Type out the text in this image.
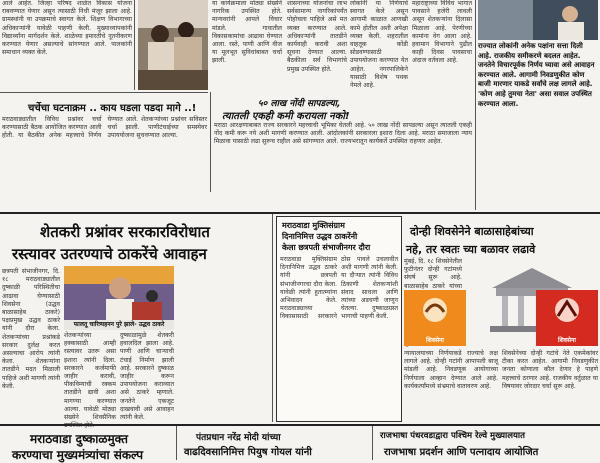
आले आहेत. जिल्हा परिषद शाळेत विकास योजना राबवण्यात येणार असून त्यासाठी निधी मंजूर झाला आहे. ग्रामस्थांनी या उपक्रमाचे स्वागत केले. शिक्षण विभागाच्या अधिकाऱ्यांनी यावेळी पाहणी केली. मुख्याध्यापकांनी विद्यार्थ्यांना मार्गदर्शन केले. शाळेच्या इमारतीचे नूतनीकरण करण्यात येणार असल्याचे सांगण्यात आले. पालकांनी समाधान व्यक्त केले.
या कार्यक्रमाला मोठ्या संख्येने नागरिक उपस्थित होते. मान्यवरांनी आपले विचार मांडले. गावातील विकासकामांचा आढावा घेण्यात आला. रस्ते, पाणी आणि वीज या मूलभूत सुविधांबाबत चर्चा झाली.
शासनाच्या योजनांचा लाभ सर्वसामान्य नागरिकांपर्यंत पोहोचला पाहिजे असे मत व्यक्त करण्यात आले. अधिकाऱ्यांनी तातडीने कार्यवाही करावी अशा सूचना देण्यात आल्या. बैठकीला सर्व विभागांचे प्रमुख उपस्थित होते.
लोकांनी या निर्णयाचे स्वागत केले असून आगामी काळात आणखी कामे होतील अशी अपेक्षा व्यक्त केली. शहरातील वाहतूक कोंडी सोडवण्यासाठी उपाययोजना करण्यात येत आहेत. नगरपालिकेने यासाठी विशेष पथक नेमले आहे.
महाराष्ट्राच्या विविध भागात पावसाने हजेरी लावली असून शेतकऱ्यांना दिलासा मिळाला आहे. पेरणीच्या कामांना वेग आला आहे. हवामान विभागाने पुढील काही दिवस पावसाचा अंदाज वर्तवला आहे.
राज्यात लोकांनी अनेक पक्षांना सत्ता दिली आहे. राजकीय समीकरणे बदलत आहेत. जनतेने विचारपूर्वक निर्णय घ्यावा असे आवाहन करण्यात आले. आगामी निवडणुकीत कोण बाजी मारणार याकडे सर्वांचे लक्ष लागले आहे. 'कोण आहे तुमचा नेता' असा सवाल उपस्थित करण्यात आला.
चर्चेचा घटनाक्रम .. काय घडला पडदा मागे ..!
मराठवाड्यातील विविध प्रश्नांवर चर्चा करण्यासाठी बैठक आयोजित करण्यात आली होती. या बैठकीत अनेक महत्त्वाचे निर्णय घेण्यात आले. शेतकऱ्यांच्या प्रश्नांवर सविस्तर चर्चा झाली. पाणीटंचाईच्या समस्येवर उपाययोजना सुचवण्यात आल्या.
५० लाख नोंदी सापडल्या,
त्यातली एकही कमी करायला नको!
मराठा आरक्षणाबाबत राज्य सरकारने महत्त्वाची भूमिका घेतली आहे. ५० लाख नोंदी सापडल्या असून त्यातली एकही नोंद कमी करू नये अशी मागणी करण्यात आली. आंदोलकांनी सरकारला इशारा दिला आहे. मराठा समाजाला न्याय मिळावा यासाठी लढा सुरूच राहील असे सांगण्यात आले. राज्यभरातून कार्यकर्ते उपस्थित राहणार आहेत.
शेतकरी प्रश्नांवर सरकारविरोधात
रस्त्यावर उतरण्याचे ठाकरेंचे आवाहन
छत्रपती संभाजीनगर, दि. १८ मराठवाड्यातील दुष्काळी परिस्थितीचा आढावा घेण्यासाठी शिवसेना (उद्धव बाळासाहेब ठाकरे) पक्षप्रमुख उद्धव ठाकरे यांनी दौरा केला. शेतकऱ्यांच्या प्रश्नांकडे सरकार दुर्लक्ष करत असल्याचा आरोप त्यांनी केला. शेतकऱ्यांना तातडीने मदत मिळाली पाहिजे अशी मागणी त्यांनी केली.
फालतू चारित्र्यहनन पुरे झाले- उद्धव ठाकरे
शेतकऱ्यांच्या हक्कासाठी आम्ही रस्त्यावर उतरू असा इशारा त्यांनी दिला. सरकारने कर्जमाफी जाहीर करावी, पीकविम्याची रक्कम तातडीने द्यावी अशा मागण्या करण्यात आल्या. यावेळी मोठ्या संख्येने शिवसैनिक
दुष्काळामुळे शेतकरी हवालदिल झाला आहे. पाणी आणि चाऱ्याची टंचाई निर्माण झाली आहे. सरकारने दुष्काळ जाहीर करून उपाययोजना कराव्यात असे ठाकरे म्हणाले. जनतेने एकजूट दाखवावी असे आवाहन त्यांनी केले.
मराठवाडा मुक्तिसंग्राम
दिनानिमित्त उद्धव ठाकरेंनी
केला छत्रपती संभाजीनगर दौरा
मराठवाडा मुक्तिसंग्राम दिनानिमित्त उद्धव ठाकरे यांनी छत्रपती संभाजीनगरचा दौरा केला. यावेळी त्यांनी हुतात्म्यांना अभिवादन केले. मराठवाड्याच्या विकासासाठी सरकारने ठोस पावले उचलावीत अशी मागणी त्यांनी केली. या दौऱ्यात त्यांनी विविध ठिकाणी शेतकऱ्यांशी संवाद साधला आणि त्यांच्या अडचणी जाणून घेतल्या. दुष्काळग्रस्त भागाची पाहणी केली.
दोन्ही शिवसेनेने बाळासाहेबांच्या
नहे, तर स्वतः च्या बळावर लढावे
मुंबई, दि. १८ शिवसेनेतील फुटीनंतर दोन्ही गटांमध्ये संघर्ष सुरू आहे. बाळासाहेब ठाकरे यांच्या
शिवसेना	शिवसेना
न्यायालयाच्या निर्णयाकडे राज्याचे लक्ष लागले आहे. दोन्ही गटांनी आपापली बाजू मांडली आहे. निवडणूक आयोगाच्या निर्णयाला आव्हान देण्यात आले आहे. कार्यकर्त्यांमध्ये संभ्रमाचे वातावरण आहे.
शिवसेनेच्या दोन्ही गटांचे नेते एकमेकांवर टीका करत आहेत. आगामी निवडणुकीत जनता कोणाला कौल देणार हे पाहणे महत्त्वाचे ठरणार आहे. राजकीय वर्तुळात या विषयावर जोरदार चर्चा सुरू आहे.
मराठवाडा दुष्काळमुक्त
करण्याचा मुख्यमंत्र्यांचा संकल्प
पंतप्रधान नरेंद्र मोदी यांच्या
वाढदिवसानिमित्त पियुष गोयल यांनी
राजभाषा पंधरवडाद्वारा पश्चिम रेल्वे मुख्यालयात
राजभाषा प्रदर्शन आणि पत्नादाय आयोजित
